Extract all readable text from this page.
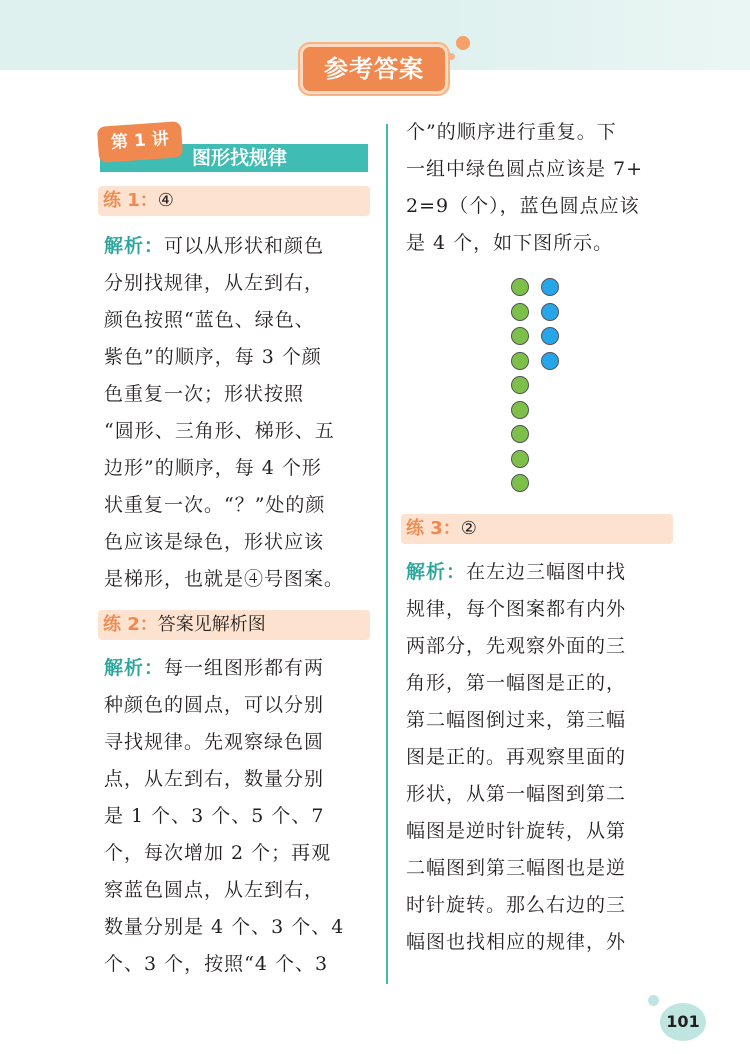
参考答案
第 1 讲
图形找规律
练 1：④
解析：可以从形状和颜色
分别找规律，从左到右，
颜色按照“蓝色、绿色、
紫色”的顺序，每 3 个颜
色重复一次；形状按照
“圆形、三角形、梯形、五
边形”的顺序，每 4 个形
状重复一次。“？”处的颜
色应该是绿色，形状应该
是梯形，也就是④号图案。
练 2：答案见解析图
解析：每一组图形都有两
种颜色的圆点，可以分别
寻找规律。先观察绿色圆
点，从左到右，数量分别
是 1 个、3 个、5 个、7
个，每次增加 2 个；再观
察蓝色圆点，从左到右，
数量分别是 4 个、3 个、4
个、3 个，按照“4 个、3
个”的顺序进行重复。下
一组中绿色圆点应该是 7+
2=9（个），蓝色圆点应该
是 4 个，如下图所示。
练 3：②
解析：在左边三幅图中找
规律，每个图案都有内外
两部分，先观察外面的三
角形，第一幅图是正的，
第二幅图倒过来，第三幅
图是正的。再观察里面的
形状，从第一幅图到第二
幅图是逆时针旋转，从第
二幅图到第三幅图也是逆
时针旋转。那么右边的三
幅图也找相应的规律，外
101
